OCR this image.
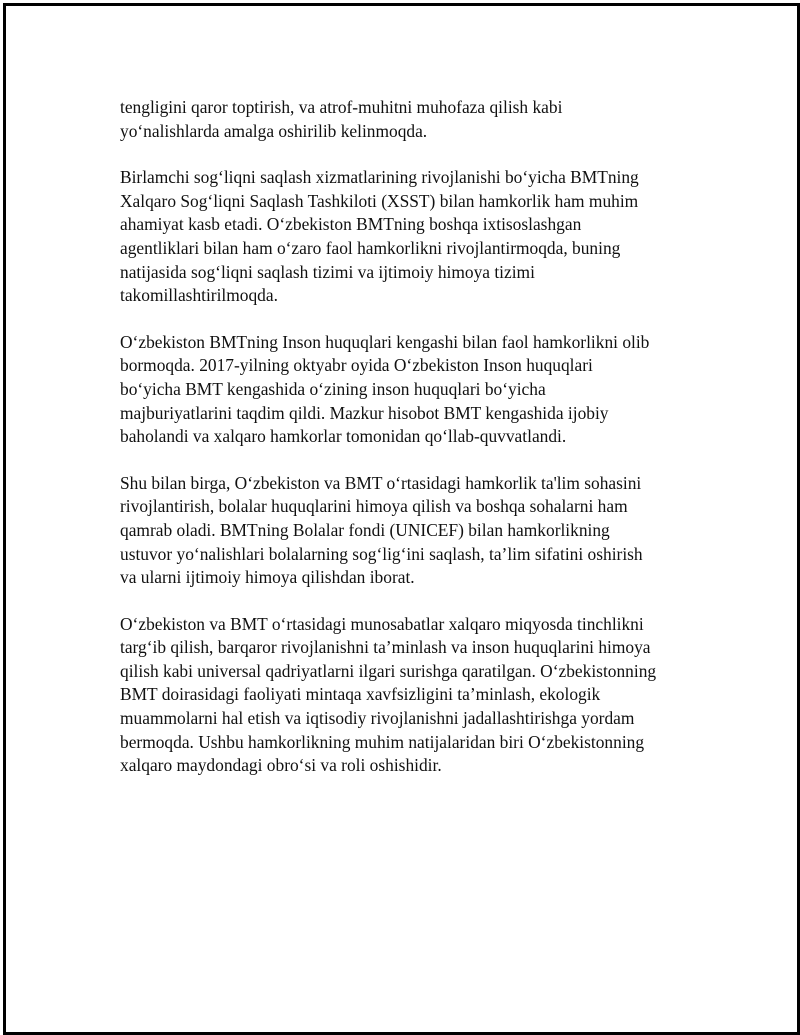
tengligini qaror toptirish, va atrof-muhitni muhofaza qilish kabi
yo‘nalishlarda amalga oshirilib kelinmoqda.

Birlamchi sog‘liqni saqlash xizmatlarining rivojlanishi bo‘yicha BMTning
Xalqaro Sog‘liqni Saqlash Tashkiloti (XSST) bilan hamkorlik ham muhim
ahamiyat kasb etadi. O‘zbekiston BMTning boshqa ixtisoslashgan
agentliklari bilan ham o‘zaro faol hamkorlikni rivojlantirmoqda, buning
natijasida sog‘liqni saqlash tizimi va ijtimoiy himoya tizimi
takomillashtirilmoqda.

O‘zbekiston BMTning Inson huquqlari kengashi bilan faol hamkorlikni olib
bormoqda. 2017-yilning oktyabr oyida O‘zbekiston Inson huquqlari
bo‘yicha BMT kengashida o‘zining inson huquqlari bo‘yicha
majburiyatlarini taqdim qildi. Mazkur hisobot BMT kengashida ijobiy
baholandi va xalqaro hamkorlar tomonidan qo‘llab-quvvatlandi.

Shu bilan birga, O‘zbekiston va BMT o‘rtasidagi hamkorlik ta'lim sohasini
rivojlantirish, bolalar huquqlarini himoya qilish va boshqa sohalarni ham
qamrab oladi. BMTning Bolalar fondi (UNICEF) bilan hamkorlikning
ustuvor yo‘nalishlari bolalarning sog‘lig‘ini saqlash, ta’lim sifatini oshirish
va ularni ijtimoiy himoya qilishdan iborat.

O‘zbekiston va BMT o‘rtasidagi munosabatlar xalqaro miqyosda tinchlikni
targ‘ib qilish, barqaror rivojlanishni ta’minlash va inson huquqlarini himoya
qilish kabi universal qadriyatlarni ilgari surishga qaratilgan. O‘zbekistonning
BMT doirasidagi faoliyati mintaqa xavfsizligini ta’minlash, ekologik
muammolarni hal etish va iqtisodiy rivojlanishni jadallashtirishga yordam
bermoqda. Ushbu hamkorlikning muhim natijalaridan biri O‘zbekistonning
xalqaro maydondagi obro‘si va roli oshishidir.
